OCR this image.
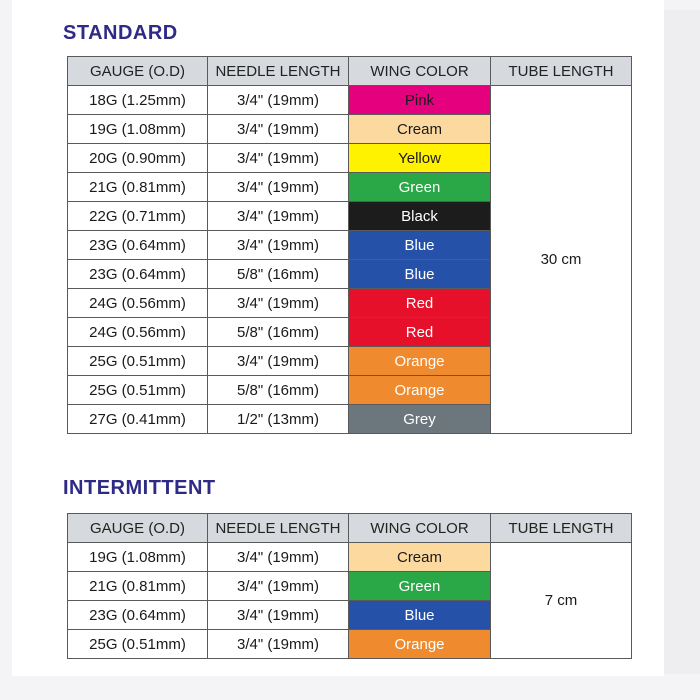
STANDARD
GAUGE (O.D)	NEEDLE LENGTH	WING COLOR	TUBE LENGTH
18G (1.25mm)	3/4" (19mm)	Pink	30 cm
19G (1.08mm)	3/4" (19mm)	Cream	
20G (0.90mm)	3/4" (19mm)	Yellow	
21G (0.81mm)	3/4" (19mm)	Green	
22G (0.71mm)	3/4" (19mm)	Black	
23G (0.64mm)	3/4" (19mm)	Blue	
23G (0.64mm)	5/8" (16mm)	Blue	
24G (0.56mm)	3/4" (19mm)	Red	
24G (0.56mm)	5/8" (16mm)	Red	
25G (0.51mm)	3/4" (19mm)	Orange	
25G (0.51mm)	5/8" (16mm)	Orange	
27G (0.41mm)	1/2" (13mm)	Grey	
INTERMITTENT
GAUGE (O.D)	NEEDLE LENGTH	WING COLOR	TUBE LENGTH
19G (1.08mm)	3/4" (19mm)	Cream	7 cm
21G (0.81mm)	3/4" (19mm)	Green	
23G (0.64mm)	3/4" (19mm)	Blue	
25G (0.51mm)	3/4" (19mm)	Orange	
